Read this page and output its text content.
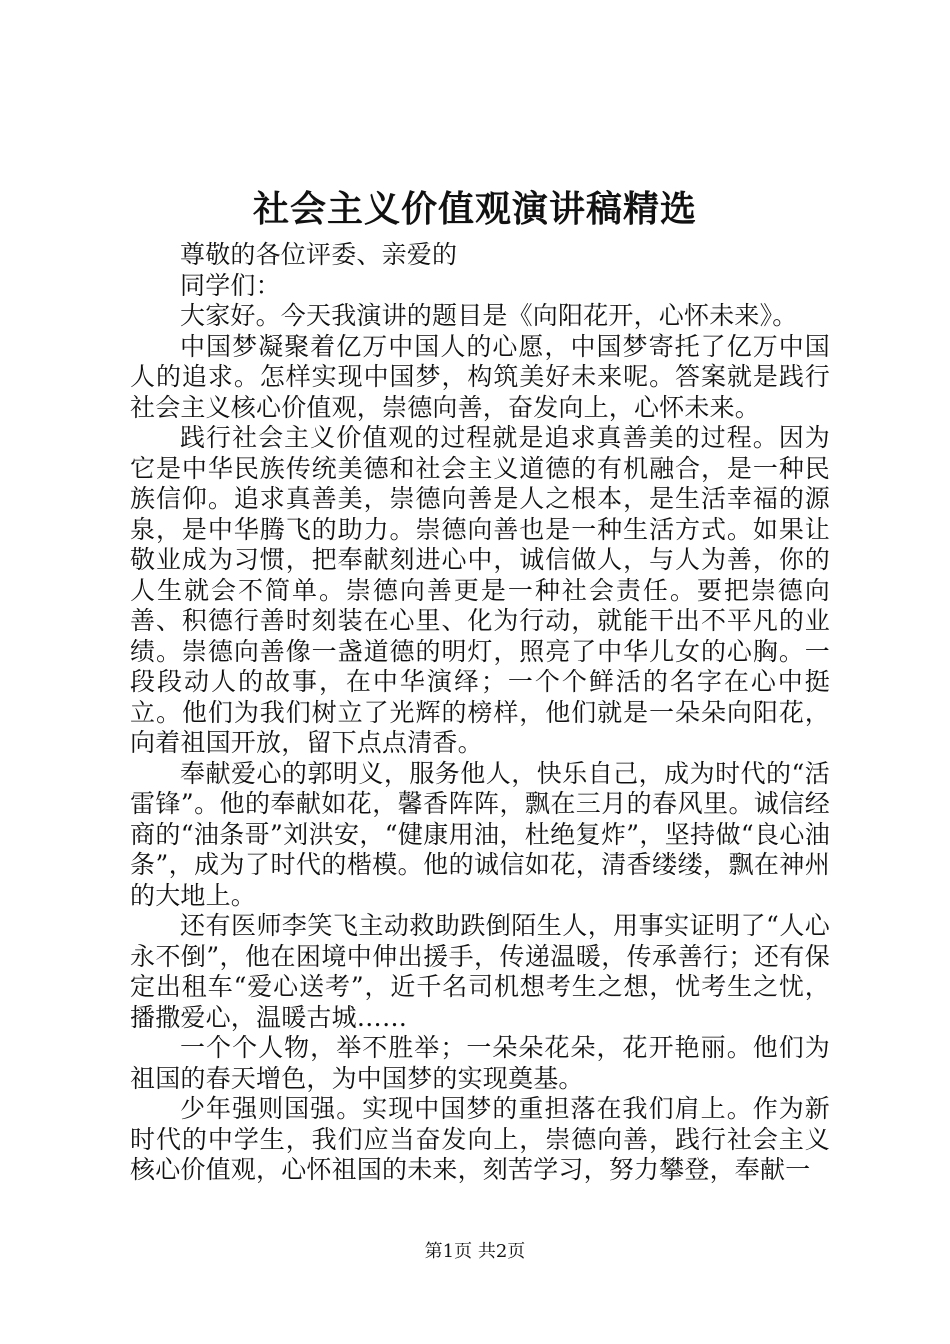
社会主义价值观演讲稿精选

尊敬的各位评委、亲爱的

同学们：

大家好。今天我演讲的题目是《向阳花开，心怀未来》。

中国梦凝聚着亿万中国人的心愿，中国梦寄托了亿万中国人的追求。怎样实现中国梦，构筑美好未来呢。答案就是践行社会主义核心价值观，崇德向善，奋发向上，心怀未来。

践行社会主义价值观的过程就是追求真善美的过程。因为它是中华民族传统美德和社会主义道德的有机融合，是一种民族信仰。追求真善美，崇德向善是人之根本，是生活幸福的源泉，是中华腾飞的助力。崇德向善也是一种生活方式。如果让敬业成为习惯，把奉献刻进心中，诚信做人，与人为善，你的人生就会不简单。崇德向善更是一种社会责任。要把崇德向善、积德行善时刻装在心里、化为行动，就能干出不平凡的业绩。崇德向善像一盏道德的明灯，照亮了中华儿女的心胸。一段段动人的故事，在中华演绎；一个个鲜活的名字在心中挺立。他们为我们树立了光辉的榜样，他们就是一朵朵向阳花，向着祖国开放，留下点点清香。

奉献爱心的郭明义，服务他人，快乐自己，成为时代的“活雷锋”。他的奉献如花，馨香阵阵，飘在三月的春风里。诚信经商的“油条哥”刘洪安，“健康用油，杜绝复炸”，坚持做“良心油条”，成为了时代的楷模。他的诚信如花，清香缕缕，飘在神州的大地上。

还有医师李笑飞主动救助跌倒陌生人，用事实证明了“人心永不倒”，他在困境中伸出援手，传递温暖，传承善行；还有保定出租车“爱心送考”，近千名司机想考生之想，忧考生之忧，播撒爱心，温暖古城……

一个个人物，举不胜举；一朵朵花朵，花开艳丽。他们为祖国的春天增色，为中国梦的实现奠基。

少年强则国强。实现中国梦的重担落在我们肩上。作为新时代的中学生，我们应当奋发向上，崇德向善，践行社会主义核心价值观，心怀祖国的未来，刻苦学习，努力攀登，奉献一

第1页 共2页
